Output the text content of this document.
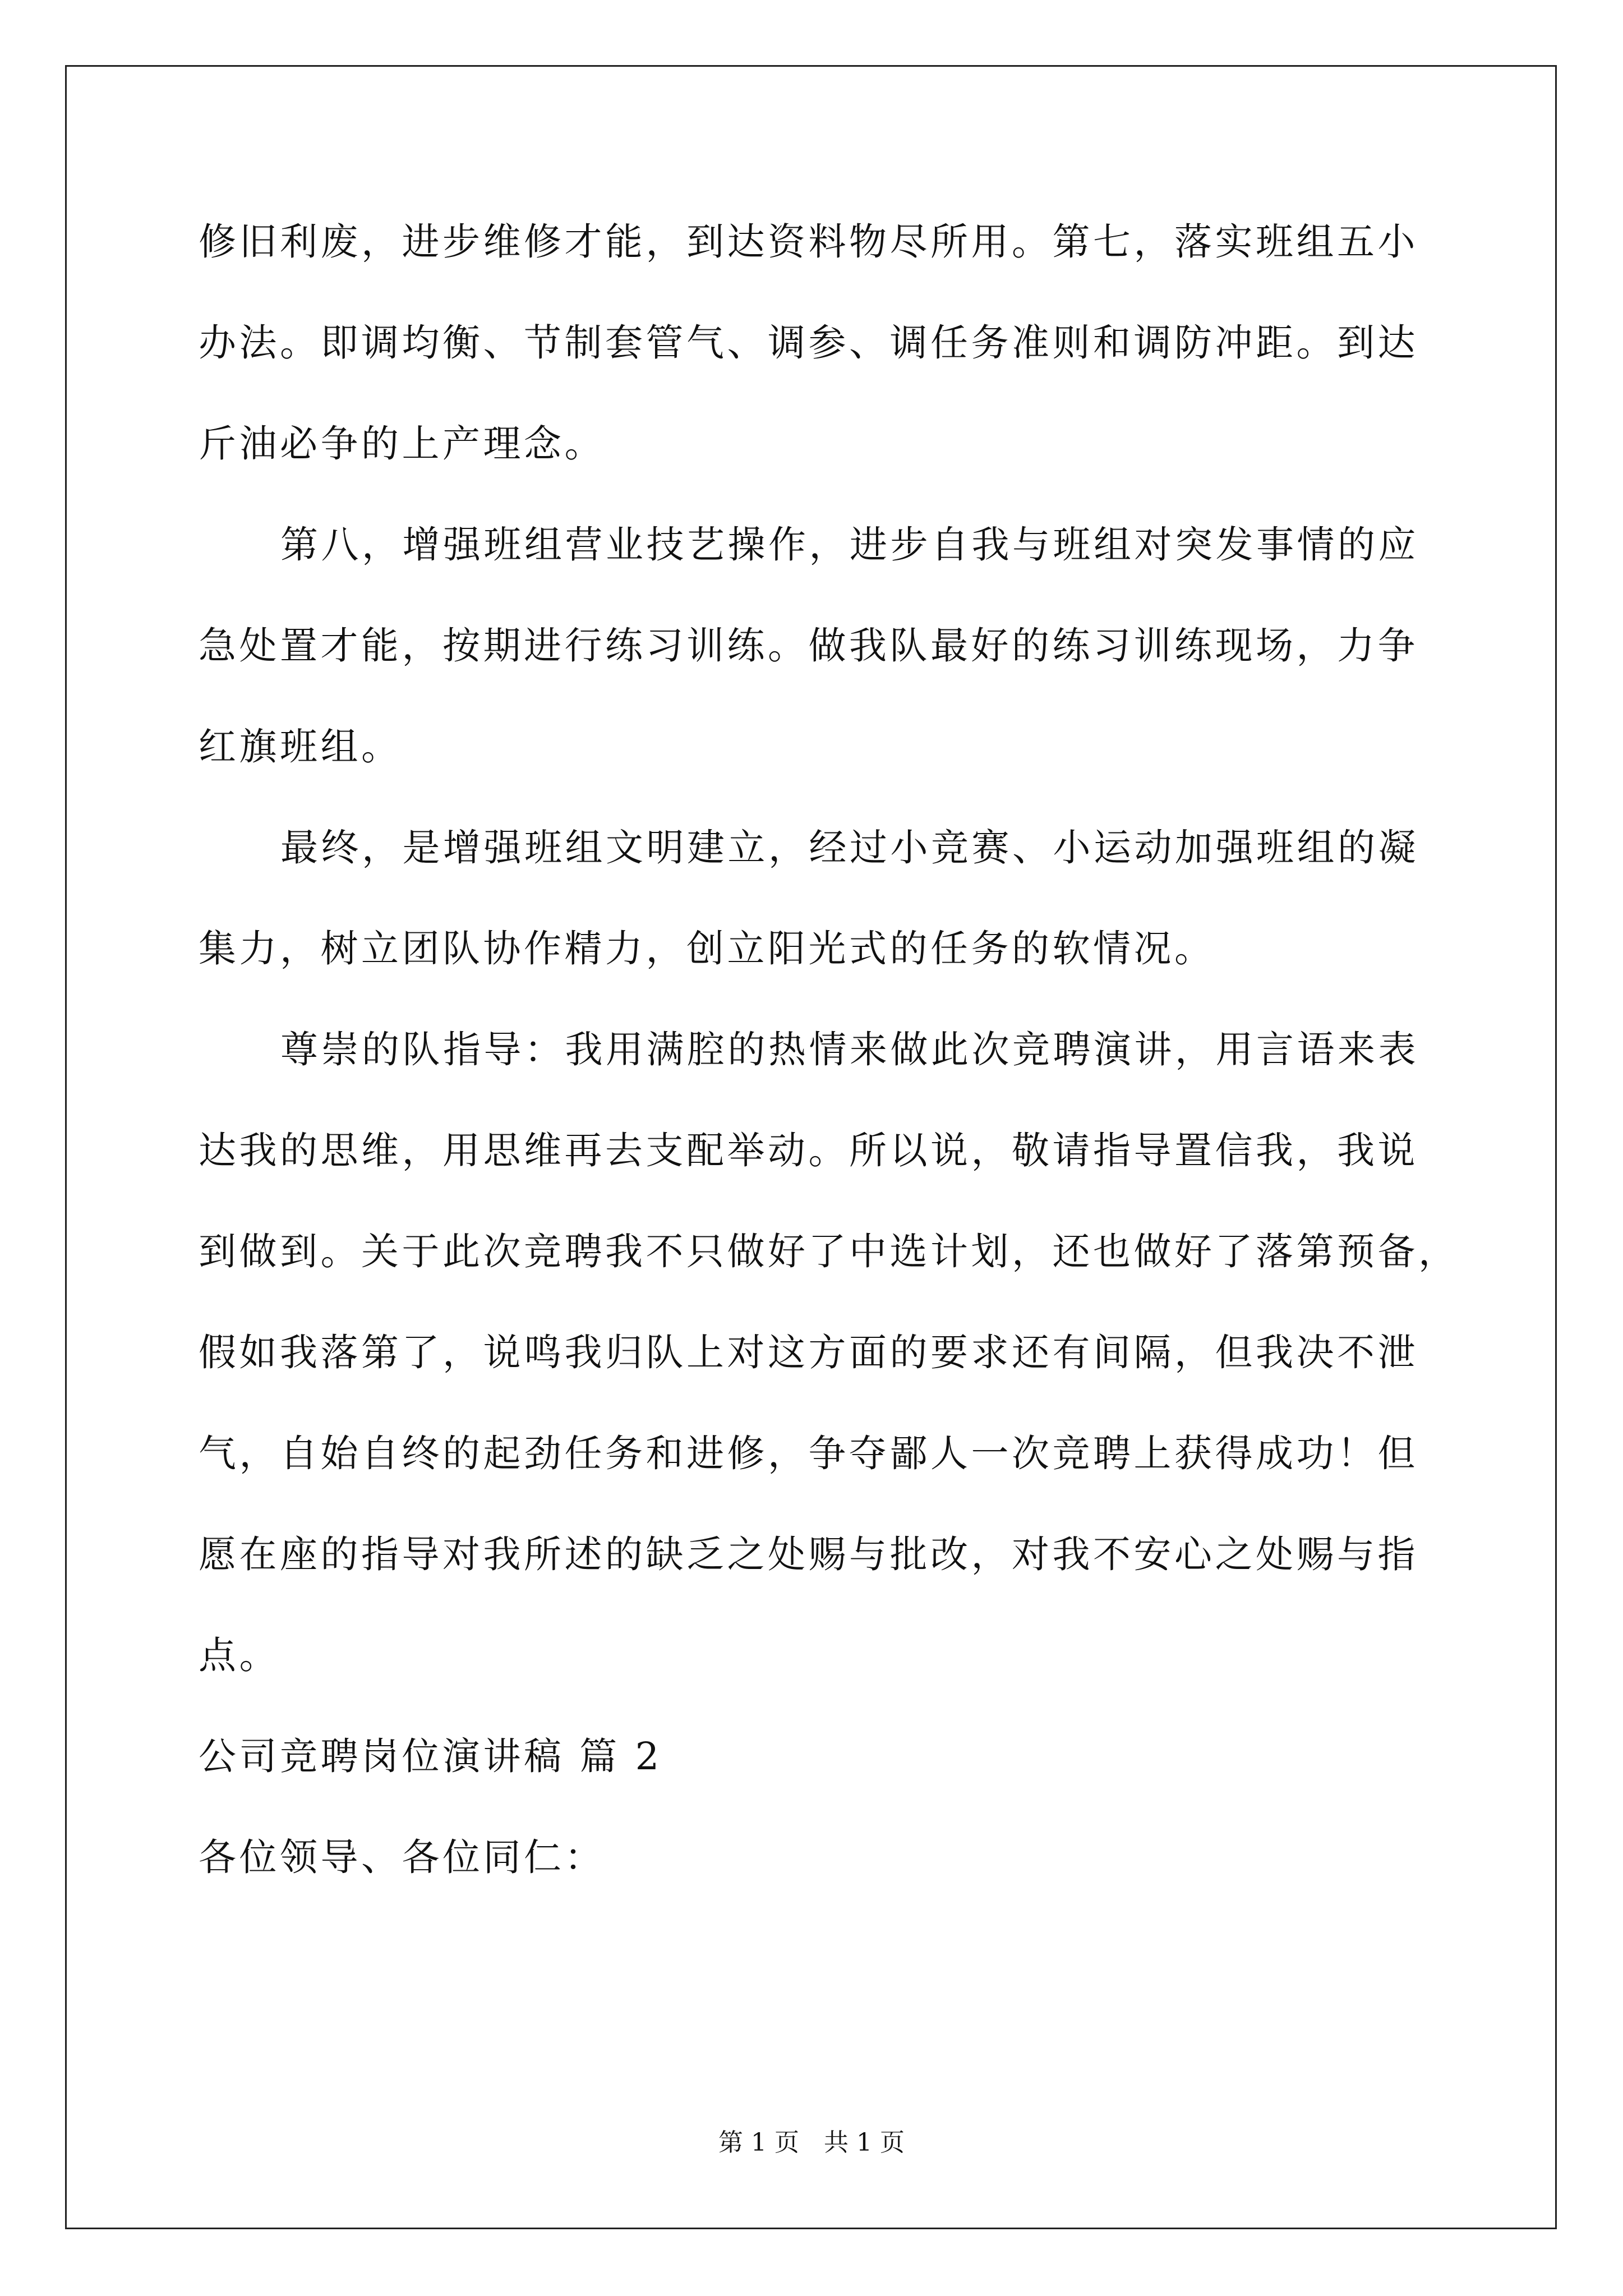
修旧利废，进步维修才能，到达资料物尽所用。第七，落实班组五小
办法。即调均衡、节制套管气、调参、调任务准则和调防冲距。到达
斤油必争的上产理念。
第八，增强班组营业技艺操作，进步自我与班组对突发事情的应
急处置才能，按期进行练习训练。做我队最好的练习训练现场，力争
红旗班组。
最终，是增强班组文明建立，经过小竞赛、小运动加强班组的凝
集力，树立团队协作精力，创立阳光式的任务的软情况。
尊崇的队指导：我用满腔的热情来做此次竞聘演讲，用言语来表
达我的思维，用思维再去支配举动。所以说，敬请指导置信我，我说
到做到。关于此次竞聘我不只做好了中选计划，还也做好了落第预备，
假如我落第了，说鸣我归队上对这方面的要求还有间隔，但我决不泄
气，自始自终的起劲任务和进修，争夺鄙人一次竞聘上获得成功！但
愿在座的指导对我所述的缺乏之处赐与批改，对我不安心之处赐与指
点。
公司竞聘岗位演讲稿 篇 2
各位领导、各位同仁：
第 1 页　共 1 页
